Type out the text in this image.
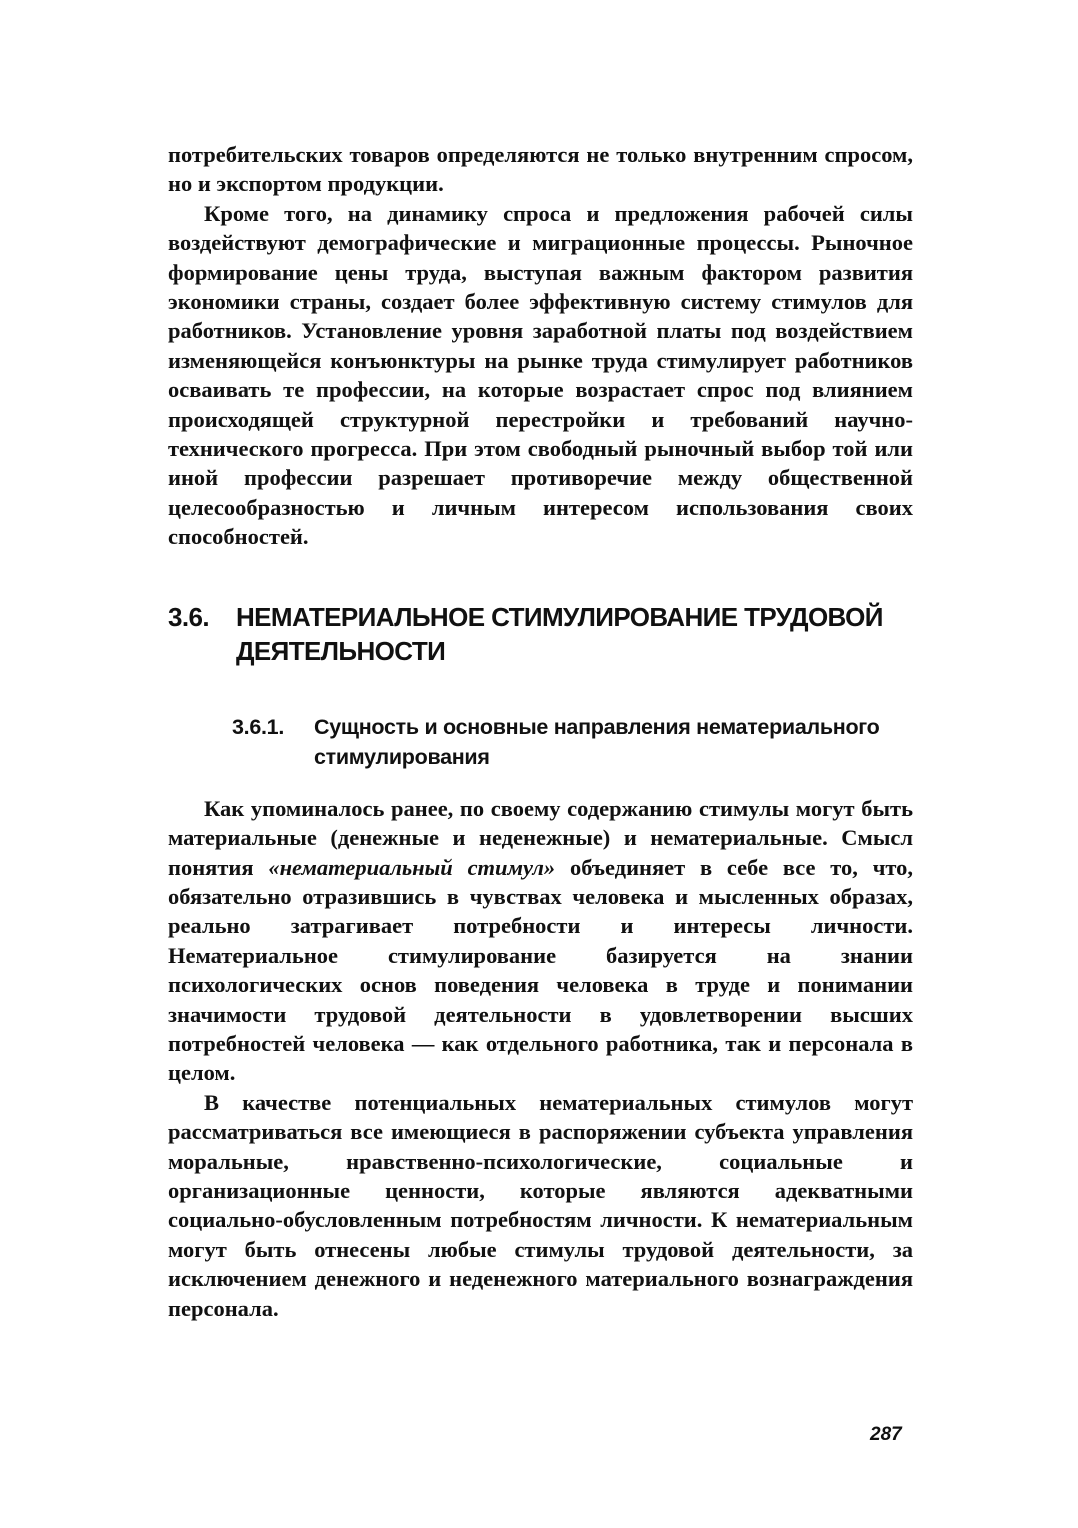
потребительских товаров определяются не только внутренним спросом, но и экспортом продукции.

Кроме того, на динамику спроса и предложения рабочей силы воздействуют демографические и миграционные процессы. Рыночное формирование цены труда, выступая важным фактором развития экономики страны, создает более эффективную систему стимулов для работников. Установление уровня заработной платы под воздействием изменяющейся конъюнктуры на рынке труда стимулирует работников осваивать те профессии, на которые возрастает спрос под влиянием происходящей структурной перестройки и требований научно-технического прогресса. При этом свободный рыночный выбор той или иной профессии разрешает противоречие между общественной целесообразностью и личным интересом использования своих способностей.

3.6.	НЕМАТЕРИАЛЬНОЕ СТИМУЛИРОВАНИЕ ТРУДОВОЙ ДЕЯТЕЛЬНОСТИ
3.6.1.	Сущность и основные направления нематериального стимулирования

Как упоминалось ранее, по своему содержанию стимулы могут быть материальные (денежные и неденежные) и нематериальные. Смысл понятия «нематериальный стимул» объединяет в себе все то, что, обязательно отразившись в чувствах человека и мысленных образах, реально затрагивает потребности и интересы личности. Нематериальное стимулирование базируется на знании психологических основ поведения человека в труде и понимании значимости трудовой деятельности в удовлетворении высших потребностей человека — как отдельного работника, так и персонала в целом.

В качестве потенциальных нематериальных стимулов могут рассматриваться все имеющиеся в распоряжении субъекта управления моральные, нравственно-психологические, социальные и организационные ценности, которые являются адекватными социально-обусловленным потребностям личности. К нематериальным могут быть отнесены любые стимулы трудовой деятельности, за исключением денежного и неденежного материального вознаграждения персонала.

287
